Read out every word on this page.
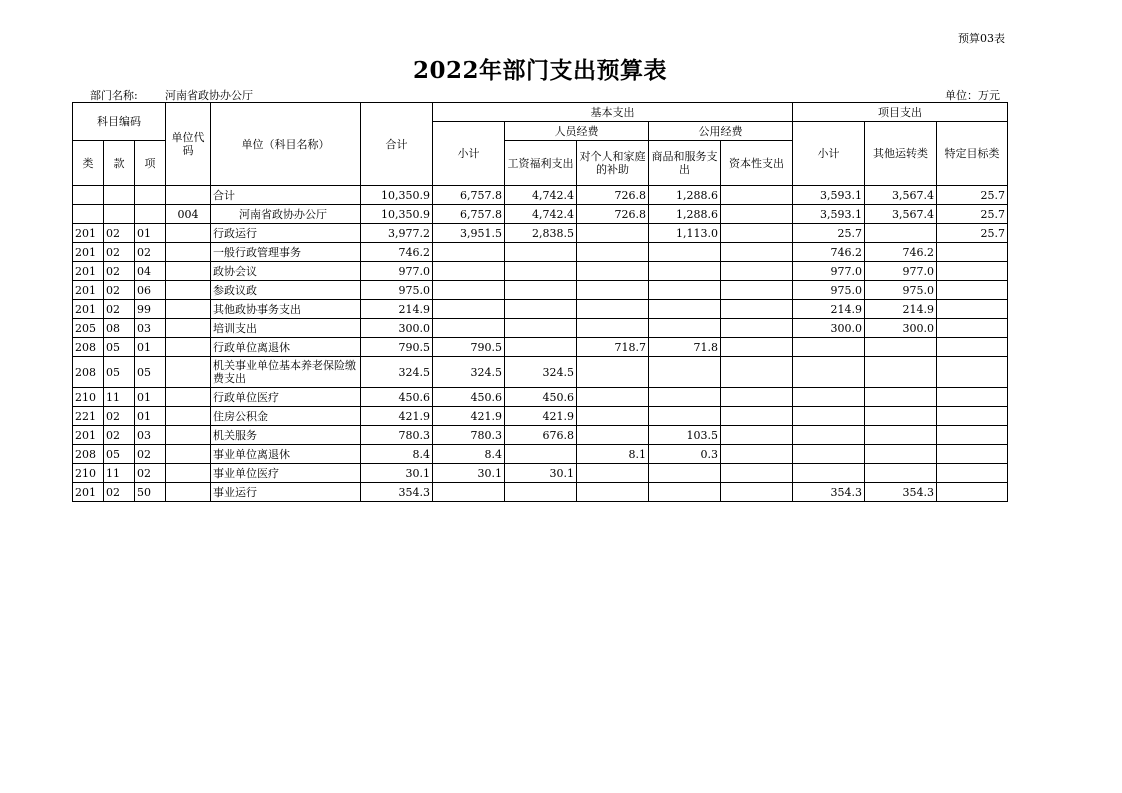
预算03表
2022年部门支出预算表
部门名称: 河南省政协办公厅	单位：万元
科目编码			单位代码	单位（科目名称）	合计	基本支出					项目支出		
						小计	人员经费		公用经费		小计	其他运转类	特定目标类
类	款	项					工资福利支出	对个人和家庭的补助	商品和服务支出	资本性支出			
				合计	10,350.9	6,757.8	4,742.4	726.8	1,288.6		3,593.1	3,567.4	25.7
			004	河南省政协办公厅	10,350.9	6,757.8	4,742.4	726.8	1,288.6		3,593.1	3,567.4	25.7
201	02	01		行政运行	3,977.2	3,951.5	2,838.5		1,113.0		25.7		25.7
201	02	02		一般行政管理事务	746.2						746.2	746.2	
201	02	04		政协会议	977.0						977.0	977.0	
201	02	06		参政议政	975.0						975.0	975.0	
201	02	99		其他政协事务支出	214.9						214.9	214.9	
205	08	03		培训支出	300.0						300.0	300.0	
208	05	01		行政单位离退休	790.5	790.5		718.7	71.8				
208	05	05		机关事业单位基本养老保险缴费支出	324.5	324.5	324.5						
210	11	01		行政单位医疗	450.6	450.6	450.6						
221	02	01		住房公积金	421.9	421.9	421.9						
201	02	03		机关服务	780.3	780.3	676.8		103.5				
208	05	02		事业单位离退休	8.4	8.4		8.1	0.3				
210	11	02		事业单位医疗	30.1	30.1	30.1						
201	02	50		事业运行	354.3						354.3	354.3	
